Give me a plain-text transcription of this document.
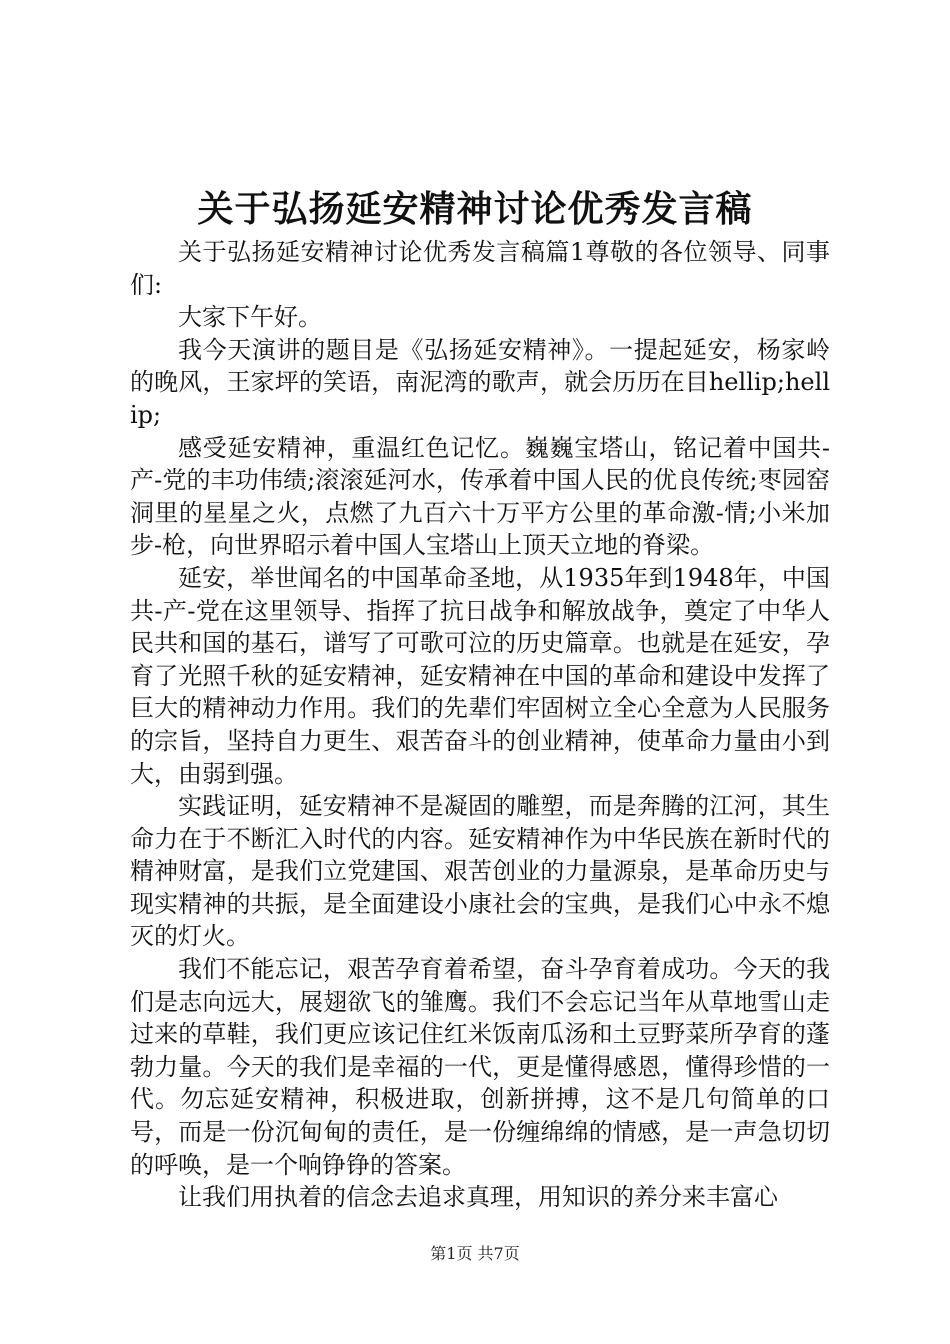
关于弘扬延安精神讨论优秀发言稿

关于弘扬延安精神讨论优秀发言稿篇1尊敬的各位领导、同事们:

大家下午好。

我今天演讲的题目是《弘扬延安精神》。一提起延安，杨家岭的晚风，王家坪的笑语，南泥湾的歌声，就会历历在目hellip;hellip;

感受延安精神，重温红色记忆。巍巍宝塔山，铭记着中国共-产-党的丰功伟绩;滚滚延河水，传承着中国人民的优良传统;枣园窑洞里的星星之火，点燃了九百六十万平方公里的革命激-情;小米加步-枪，向世界昭示着中国人宝塔山上顶天立地的脊梁。

延安，举世闻名的中国革命圣地，从1935年到1948年，中国共-产-党在这里领导、指挥了抗日战争和解放战争，奠定了中华人民共和国的基石，谱写了可歌可泣的历史篇章。也就是在延安，孕育了光照千秋的延安精神，延安精神在中国的革命和建设中发挥了巨大的精神动力作用。我们的先辈们牢固树立全心全意为人民服务的宗旨，坚持自力更生、艰苦奋斗的创业精神，使革命力量由小到大，由弱到强。

实践证明，延安精神不是凝固的雕塑，而是奔腾的江河，其生命力在于不断汇入时代的内容。延安精神作为中华民族在新时代的精神财富，是我们立党建国、艰苦创业的力量源泉，是革命历史与现实精神的共振，是全面建设小康社会的宝典，是我们心中永不熄灭的灯火。

我们不能忘记，艰苦孕育着希望，奋斗孕育着成功。今天的我们是志向远大，展翅欲飞的雏鹰。我们不会忘记当年从草地雪山走过来的草鞋，我们更应该记住红米饭南瓜汤和土豆野菜所孕育的蓬勃力量。今天的我们是幸福的一代，更是懂得感恩，懂得珍惜的一代。勿忘延安精神，积极进取，创新拼搏，这不是几句简单的口号，而是一份沉甸甸的责任，是一份缠绵绵的情感，是一声急切切的呼唤，是一个响铮铮的答案。

让我们用执着的信念去追求真理，用知识的养分来丰富心

第1页 共7页
